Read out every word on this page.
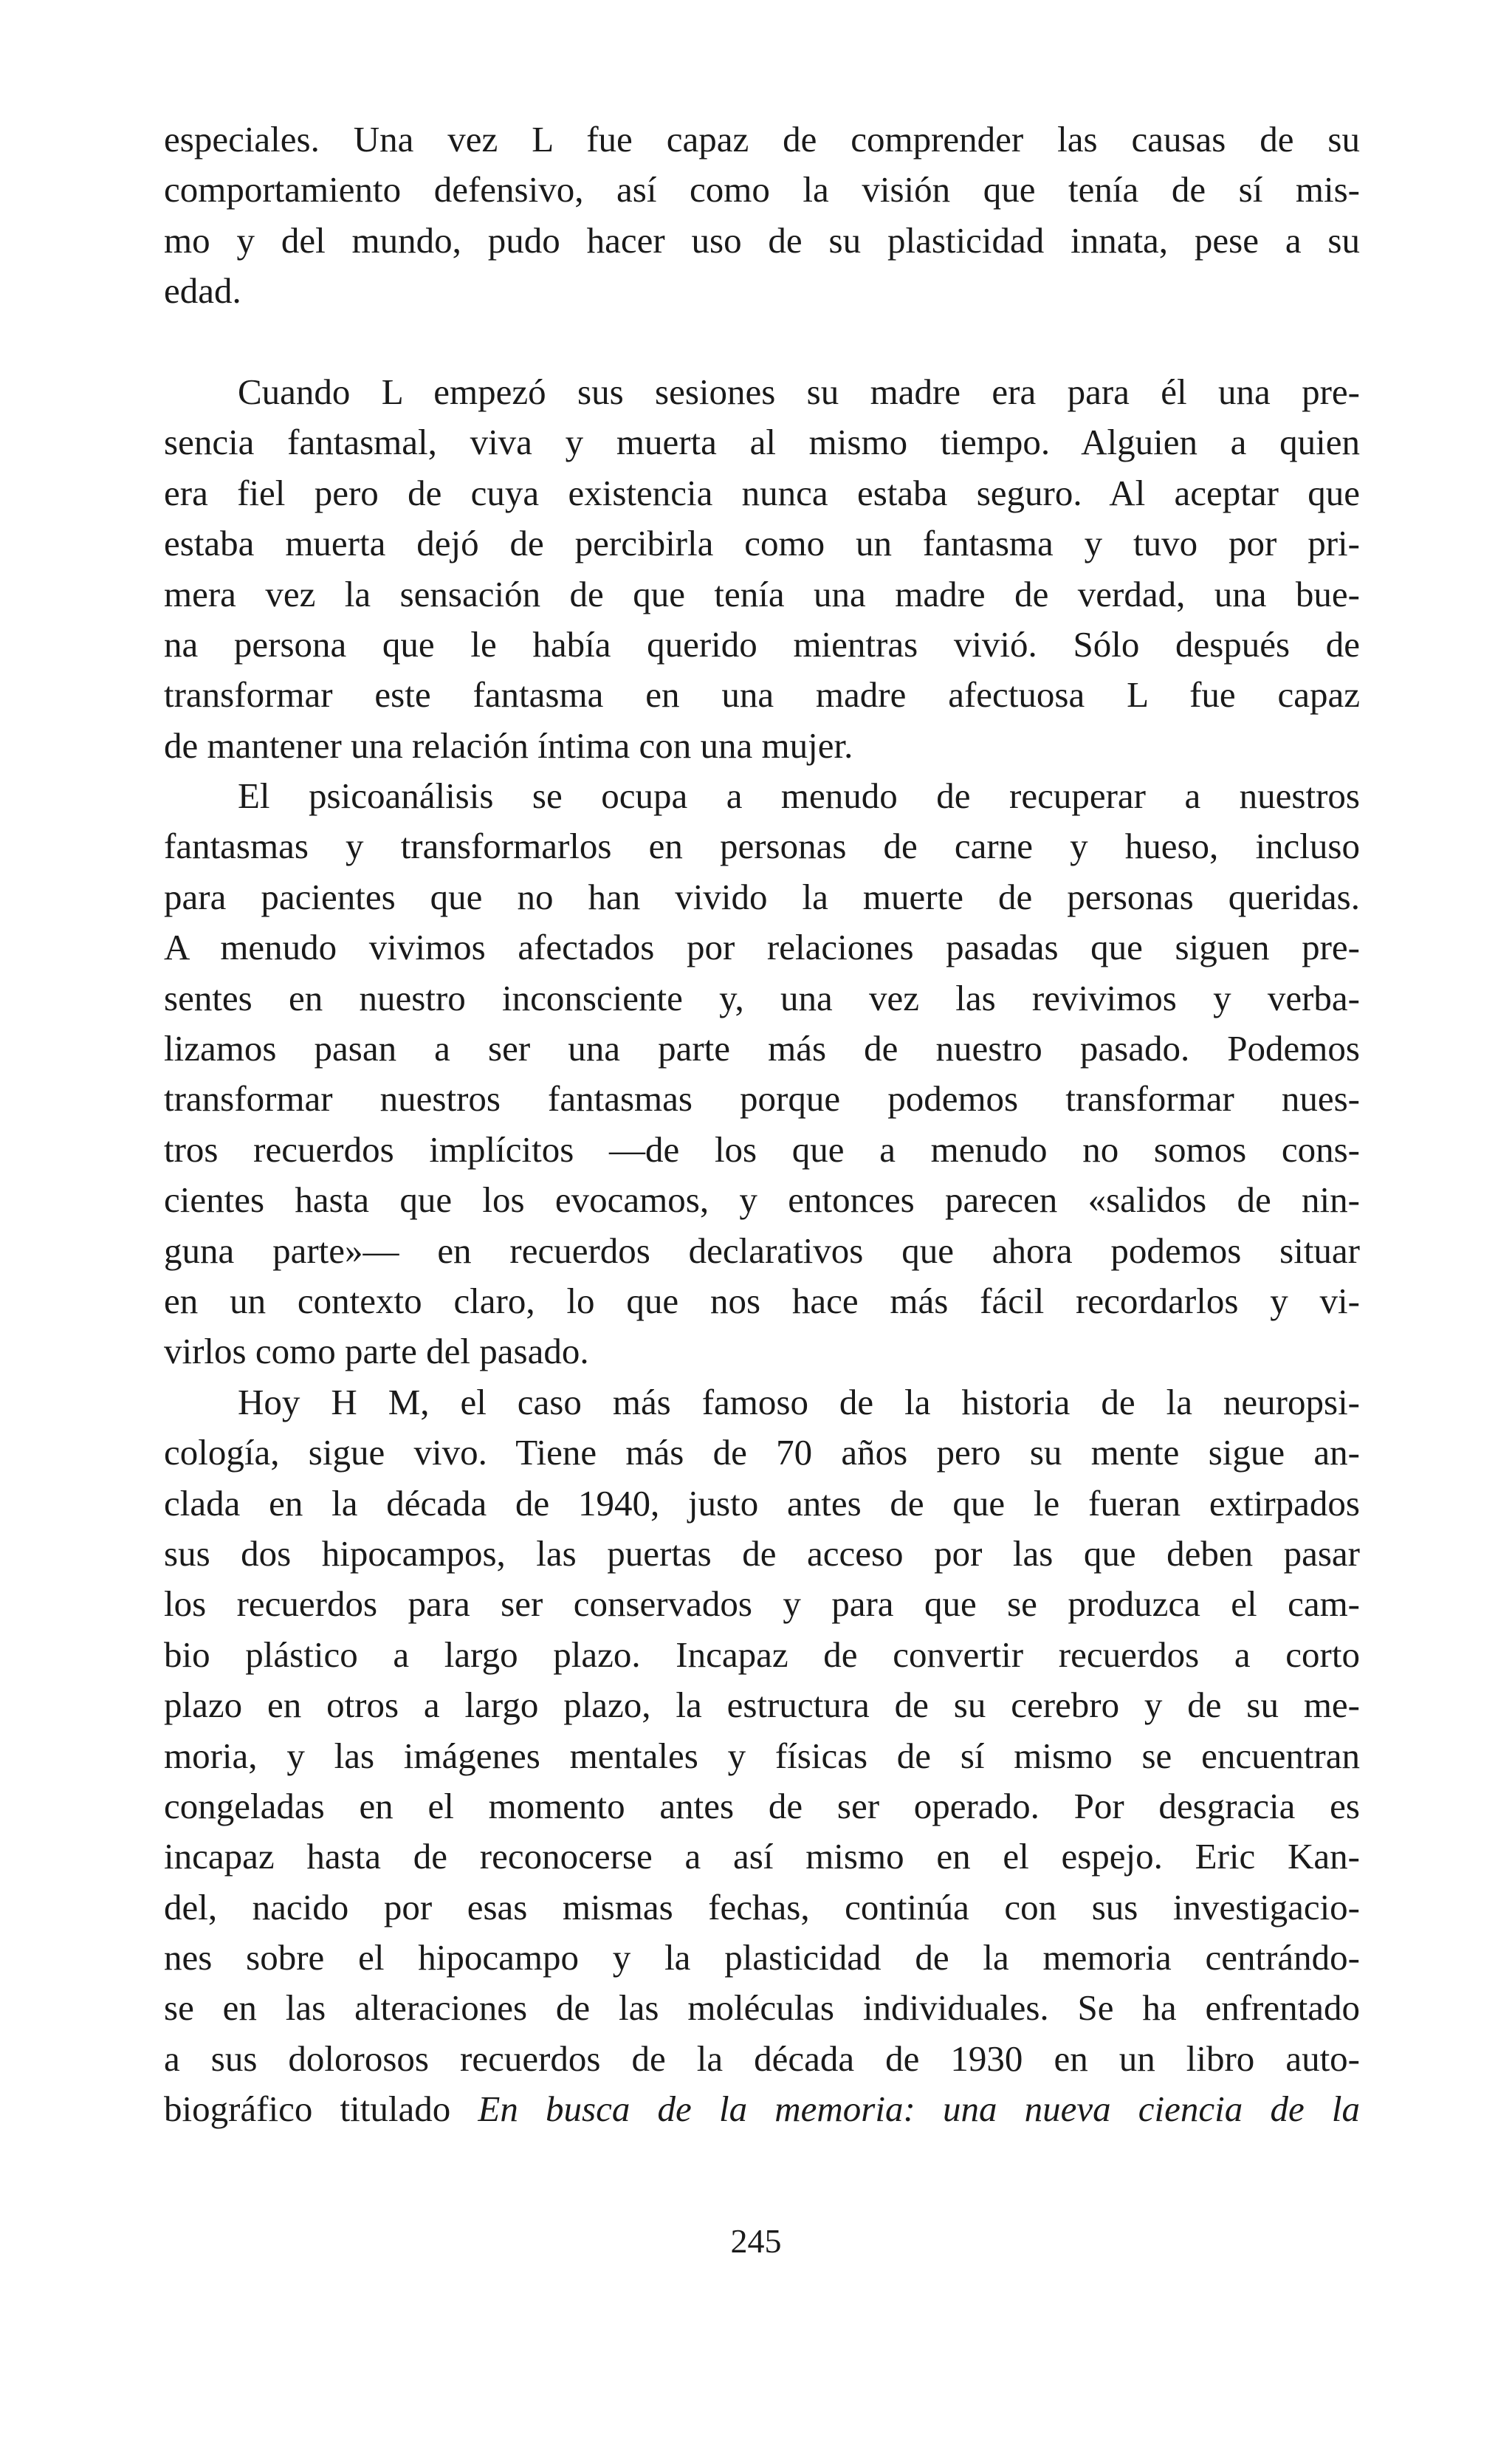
especiales. Una vez L fue capaz de comprender las causas de su
comportamiento defensivo, así como la visión que tenía de sí mis-
mo y del mundo, pudo hacer uso de su plasticidad innata, pese a su
edad.
Cuando L empezó sus sesiones su madre era para él una pre-
sencia fantasmal, viva y muerta al mismo tiempo. Alguien a quien
era fiel pero de cuya existencia nunca estaba seguro. Al aceptar que
estaba muerta dejó de percibirla como un fantasma y tuvo por pri-
mera vez la sensación de que tenía una madre de verdad, una bue-
na persona que le había querido mientras vivió. Sólo después de
transformar este fantasma en una madre afectuosa L fue capaz
de mantener una relación íntima con una mujer.
El psicoanálisis se ocupa a menudo de recuperar a nuestros
fantasmas y transformarlos en personas de carne y hueso, incluso
para pacientes que no han vivido la muerte de personas queridas.
A menudo vivimos afectados por relaciones pasadas que siguen pre-
sentes en nuestro inconsciente y, una vez las revivimos y verba-
lizamos pasan a ser una parte más de nuestro pasado. Podemos
transformar nuestros fantasmas porque podemos transformar nues-
tros recuerdos implícitos —de los que a menudo no somos cons-
cientes hasta que los evocamos, y entonces parecen «salidos de nin-
guna parte»— en recuerdos declarativos que ahora podemos situar
en un contexto claro, lo que nos hace más fácil recordarlos y vi-
virlos como parte del pasado.
Hoy H M, el caso más famoso de la historia de la neuropsi-
cología, sigue vivo. Tiene más de 70 años pero su mente sigue an-
clada en la década de 1940, justo antes de que le fueran extirpados
sus dos hipocampos, las puertas de acceso por las que deben pasar
los recuerdos para ser conservados y para que se produzca el cam-
bio plástico a largo plazo. Incapaz de convertir recuerdos a corto
plazo en otros a largo plazo, la estructura de su cerebro y de su me-
moria, y las imágenes mentales y físicas de sí mismo se encuentran
congeladas en el momento antes de ser operado. Por desgracia es
incapaz hasta de reconocerse a así mismo en el espejo. Eric Kan-
del, nacido por esas mismas fechas, continúa con sus investigacio-
nes sobre el hipocampo y la plasticidad de la memoria centrándo-
se en las alteraciones de las moléculas individuales. Se ha enfrentado
a sus dolorosos recuerdos de la década de 1930 en un libro auto-
biográfico titulado En busca de la memoria: una nueva ciencia de la
245
